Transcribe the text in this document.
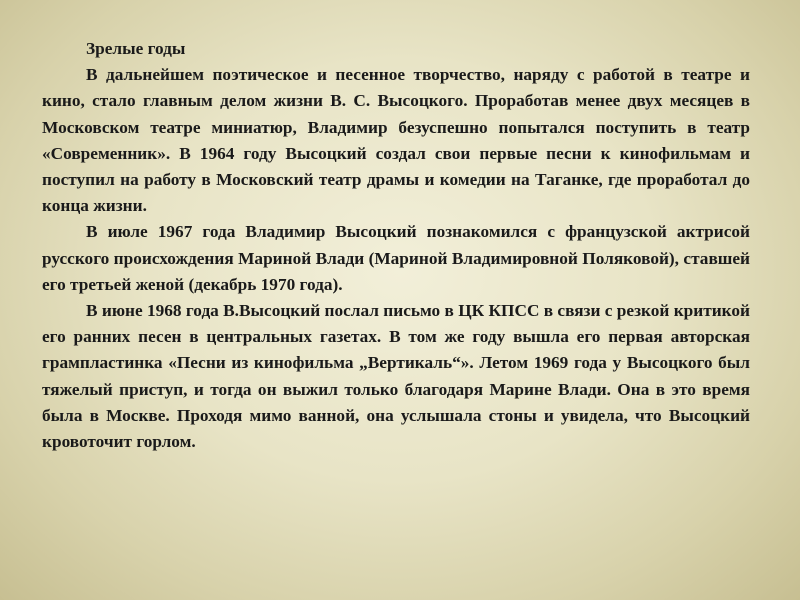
Зрелые годы

В дальнейшем поэтическое и песенное творчество, наряду с работой в театре и кино, стало главным делом жизни В. С. Высоцкого. Проработав менее двух месяцев в Московском театре миниатюр, Владимир безуспешно попытался поступить в театр «Современник». В 1964 году Высоцкий создал свои первые песни к кинофильмам и поступил на работу в Московский театр драмы и комедии на Таганке, где проработал до конца жизни.

В июле 1967 года Владимир Высоцкий познакомился с французской актрисой русского происхождения Мариной Влади (Мариной Владимировной Поляковой), ставшей его третьей женой (декабрь 1970 года).

В июне 1968 года В.Высоцкий послал письмо в ЦК КПСС в связи с резкой критикой его ранних песен в центральных газетах. В том же году вышла его первая авторская грампластинка «Песни из кинофильма „Вертикаль“». Летом 1969 года у Высоцкого был тяжелый приступ, и тогда он выжил только благодаря Марине Влади. Она в это время была в Москве. Проходя мимо ванной, она услышала стоны и увидела, что Высоцкий кровоточит горлом.
